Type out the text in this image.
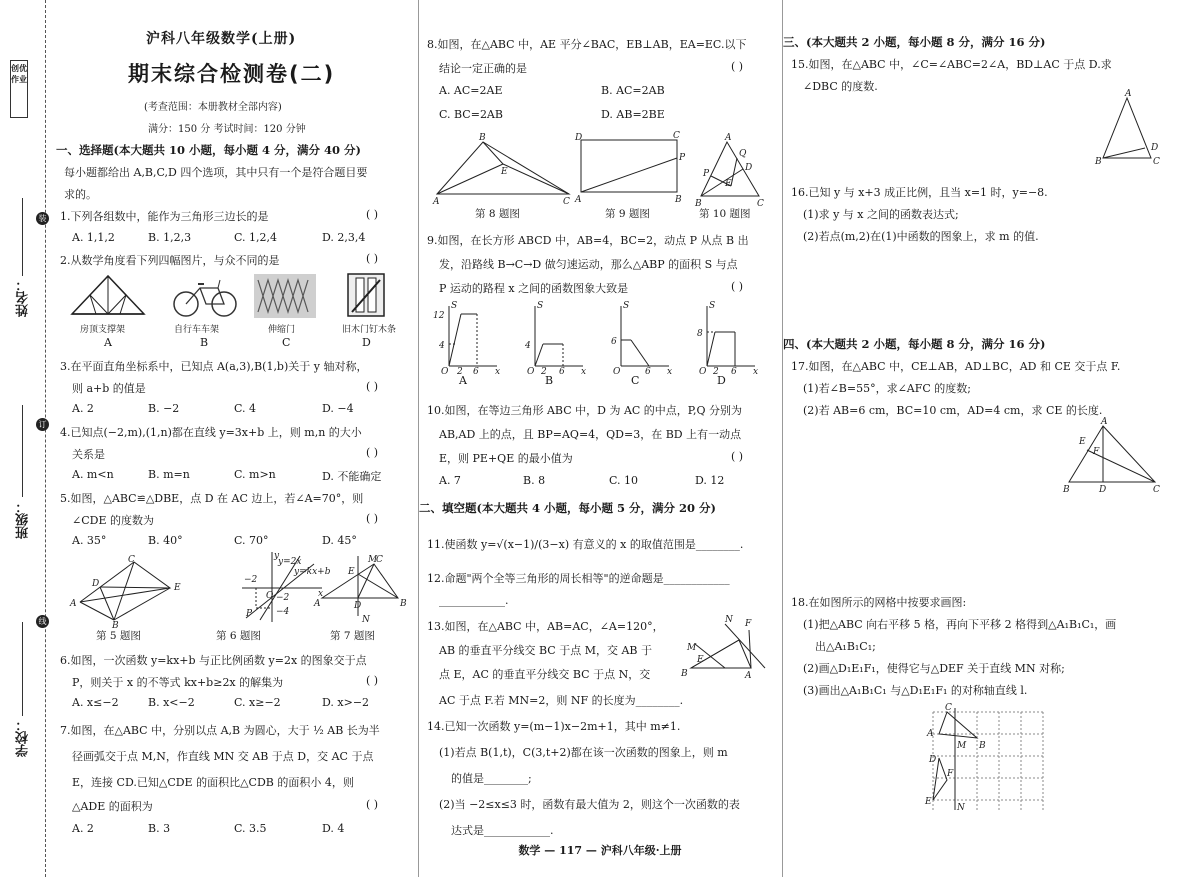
创优作业
姓名：
班级：
学校：
装
订
线
沪科八年级数学(上册)
期末综合检测卷(二)
(考查范围：本册教材全部内容)
满分：150 分 考试时间：120 分钟
一、选择题(本大题共 10 小题，每小题 4 分，满分 40 分)
每小题都给出 A,B,C,D 四个选项，其中只有一个是符合题目要
求的。
1.下列各组数中，能作为三角形三边长的是	( )
A. 1,1,2	B. 1,2,3	C. 1,2,4	D. 2,3,4
2.从数学角度看下列四幅图片，与众不同的是	( )
房顶支撑架	自行车车架	伸缩门	旧木门钉木条
A	B	C	D
3.在平面直角坐标系中，已知点 A(a,3),B(1,b)关于 y 轴对称，
则 a+b 的值是	( )
A. 2	B. −2	C. 4	D. −4
4.已知点(−2,m),(1,n)都在直线 y=3x+b 上，则 m,n 的大小
关系是	( )
A. m<n	B. m=n	C. m>n	D. 不能确定
5.如图，△ABC≌△DBE，点 D 在 AC 边上，若∠A=70°，则
∠CDE 的度数为	( )
A. 35°	B. 40°	C. 70°	D. 45°
C
D
A
E
B
−2
y=2x
y=kx+b
−2
−4
P
x
y
O
M
C
E
A	D	B
N
第 5 题图	第 6 题图	第 7 题图
6.如图，一次函数 y=kx+b 与正比例函数 y=2x 的图象交于点
P，则关于 x 的不等式 kx+b≥2x 的解集为	( )
A. x≤−2	B. x<−2	C. x≥−2	D. x>−2
7.如图，在△ABC 中，分别以点 A,B 为圆心，大于 ½ AB 长为半
径画弧交于点 M,N，作直线 MN 交 AB 于点 D，交 AC 于点
E，连接 CD.已知△CDE 的面积比△CDB 的面积小 4，则
△ADE 的面积为	( )
A. 2	B. 3	C. 3.5	D. 4
8.如图，在△ABC 中，AE 平分∠BAC，EB⊥AB，EA=EC.以下
结论一定正确的是	( )
A. AC=2AE	B. AC=2AB
C. BC=2AB	D. AB=2BE
B
E
A	C
D	C
P
A	B
A
Q
D
P
E
B	C
第 8 题图	第 9 题图	第 10 题图
9.如图，在长方形 ABCD 中，AB=4，BC=2，动点 P 从点 B 出
发，沿路线 B→C→D 做匀速运动，那么△ABP 的面积 S 与点
P 运动的路程 x 之间的函数图象大致是	( )
S
12
4
O 2 6 x
S
4
O 2 6 x
S
6
O	6 x
S
8
O 2 6 x
A	B	C	D
10.如图，在等边三角形 ABC 中，D 为 AC 的中点，P,Q 分别为
AB,AD 上的点，且 BP=AQ=4，QD=3，在 BD 上有一动点
E，则 PE+QE 的最小值为	( )
A. 7	B. 8	C. 10	D. 12
二、填空题(本大题共 4 小题，每小题 5 分，满分 20 分)
11.使函数 y=√(x−1)/(3−x) 有意义的 x 的取值范围是________.
12.命题"两个全等三角形的周长相等"的逆命题是____________
____________.
13.如图，在△ABC 中，AB=AC，∠A=120°，
AB 的垂直平分线交 BC 于点 M，交 AB 于
点 E，AC 的垂直平分线交 BC 于点 N，交
AC 于点 F.若 MN=2，则 NF 的长度为________.
N F
M
E
B	A
14.已知一次函数 y=(m−1)x−2m+1，其中 m≠1.
(1)若点 B(1,t)，C(3,t+2)都在该一次函数的图象上，则 m
的值是________;
(2)当 −2≤x≤3 时，函数有最大值为 2，则这个一次函数的表
达式是____________.
三、(本大题共 2 小题，每小题 8 分，满分 16 分)
15.如图，在△ABC 中，∠C=∠ABC=2∠A，BD⊥AC 于点 D.求
∠DBC 的度数.
A
D
B	C
16.已知 y 与 x+3 成正比例，且当 x=1 时，y=−8.
(1)求 y 与 x 之间的函数表达式;
(2)若点(m,2)在(1)中函数的图象上，求 m 的值.
四、(本大题共 2 小题，每小题 8 分，满分 16 分)
17.如图，在△ABC 中，CE⊥AB，AD⊥BC，AD 和 CE 交于点 F.
(1)若∠B=55°，求∠AFC 的度数;
(2)若 AB=6 cm，BC=10 cm，AD=4 cm，求 CE 的长度.
A
E
F
B	D	C
18.在如图所示的网格中按要求画图:
(1)把△ABC 向右平移 5 格，再向下平移 2 格得到△A₁B₁C₁，画
出△A₁B₁C₁;
(2)画△D₁E₁F₁，使得它与△DEF 关于直线 MN 对称;
(3)画出△A₁B₁C₁ 与△D₁E₁F₁ 的对称轴直线 l.
C
A
M B
D
F
E
N
数学 — 117 — 沪科八年级·上册
